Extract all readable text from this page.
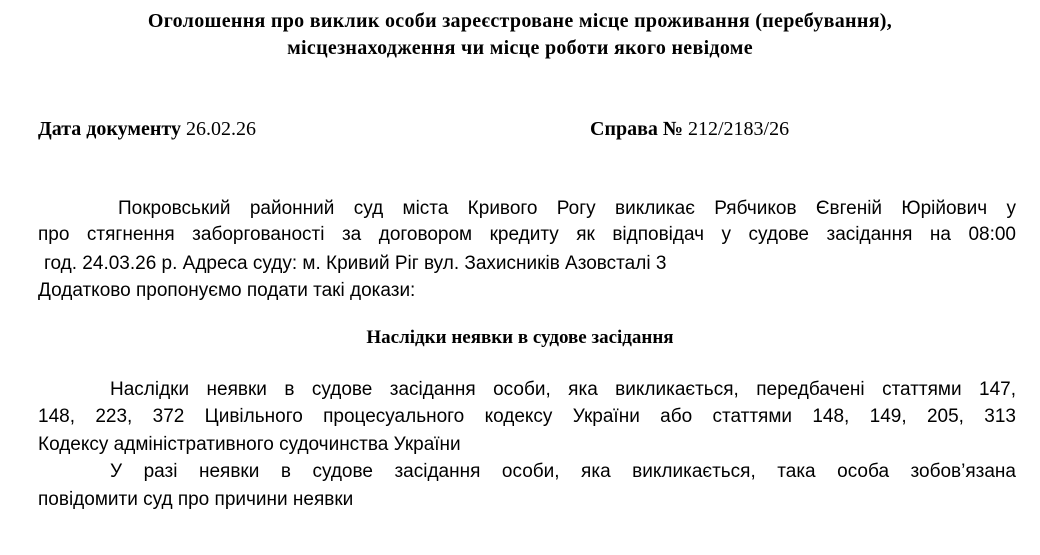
Оголошення про виклик особи зареєстроване місце проживання (перебування),
місцезнаходження чи місце роботи якого невідоме
Дата документу 26.02.26	Справа № 212/2183/26
Покровський районний суд міста Кривого Рогу викликає Рябчиков Євгеній Юрійович у
про стягнення заборгованості за договором кредиту як відповідач у судове засідання на 08:00
год. 24.03.26 р. Адреса суду: м. Кривий Ріг вул. Захисників Азовсталі 3
Додатково пропонуємо подати такі докази:
Наслідки неявки в судове засідання
Наслідки неявки в судове засідання особи, яка викликається, передбачені статтями 147,
148, 223, 372 Цивільного процесуального кодексу України або статтями 148, 149, 205, 313
Кодексу адміністративного судочинства України
У разі неявки в судове засідання особи, яка викликається, така особа зобов’язана
повідомити суд про причини неявки
